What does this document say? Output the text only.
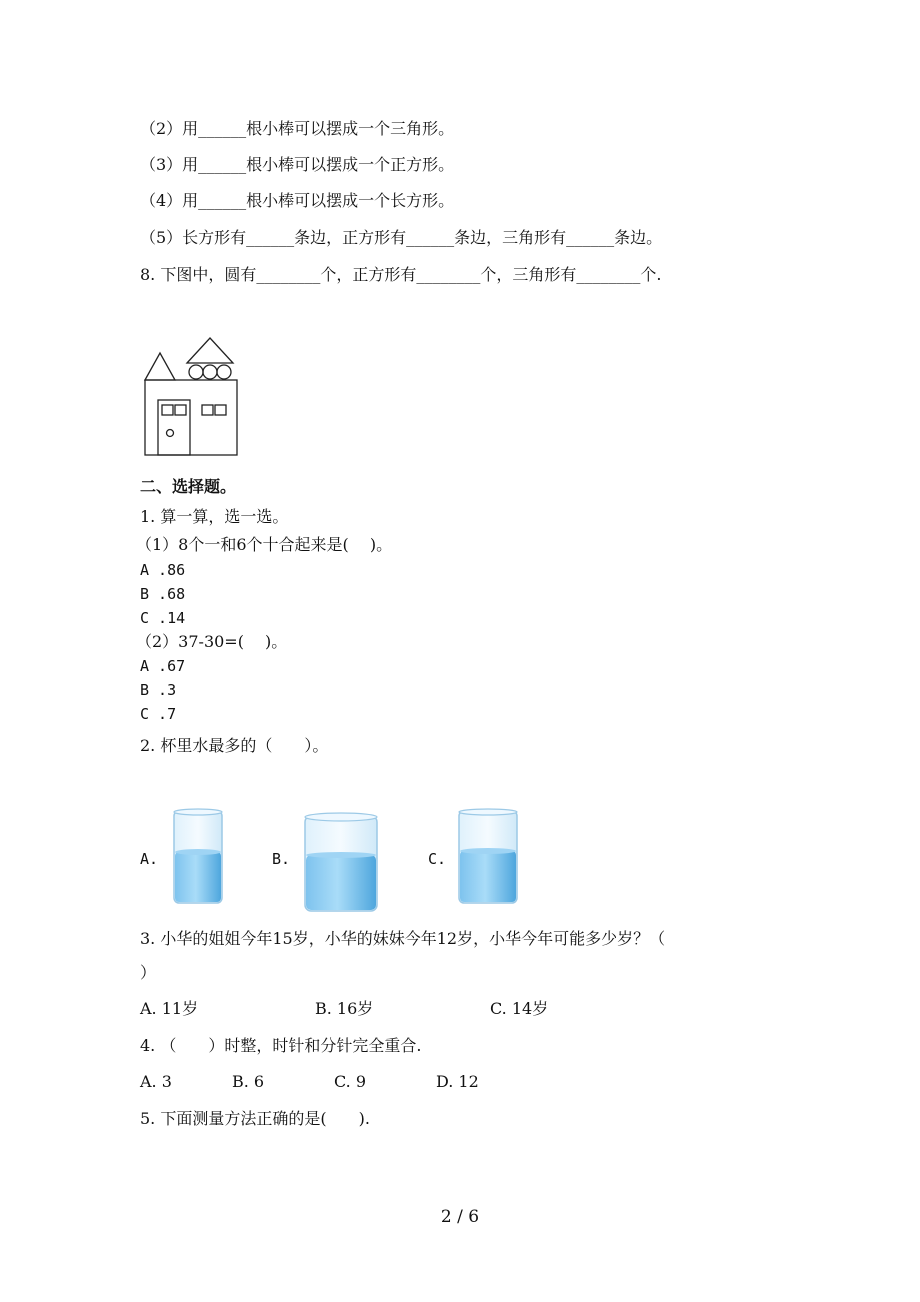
（2）用______根小棒可以摆成一个三角形。
（3）用______根小棒可以摆成一个正方形。
（4）用______根小棒可以摆成一个长方形。
（5）长方形有______条边，正方形有______条边，三角形有______条边。
8. 下图中，圆有________个，正方形有________个，三角形有________个.
二、选择题。
1. 算一算，选一选。
（1）8个一和6个十合起来是(　 )。
A .86
B .68
C .14
（2）37-30=(　 )。
A .67
B .3
C .7
2. 杯里水最多的（　　）。
A.	B.	C.
3. 小华的姐姐今年15岁，小华的妹妹今年12岁，小华今年可能多少岁？（
）
A. 11岁	B. 16岁	C. 14岁
4. （　　）时整，时针和分针完全重合.
A. 3	B. 6	C. 9	D. 12
5. 下面测量方法正确的是(　　).
2 / 6
